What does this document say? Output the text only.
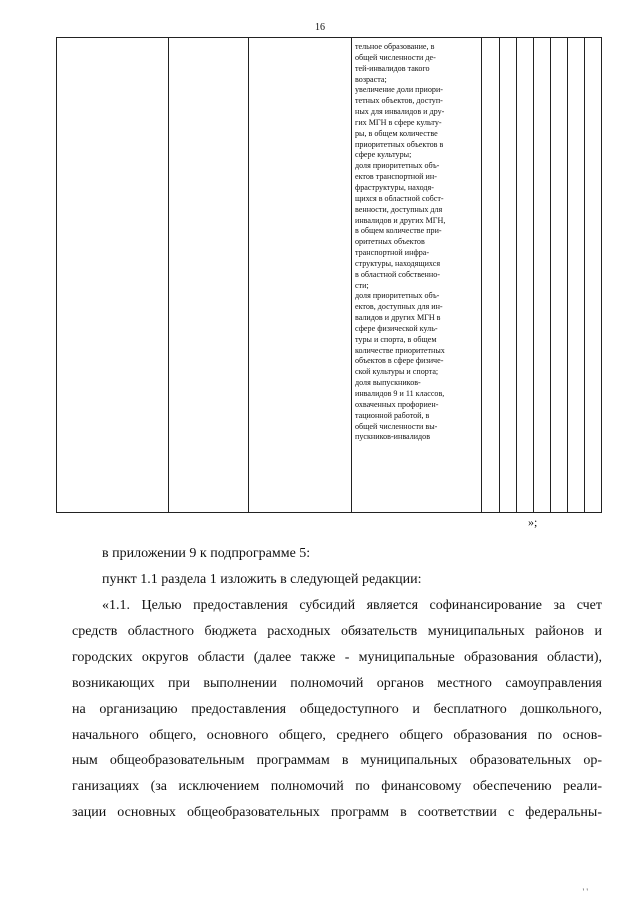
16
тельное образование, в
общей численности де-
тей-инвалидов такого
возраста;
увеличение доли приори-
тетных объектов, доступ-
ных для инвалидов и дру-
гих МГН в сфере культу-
ры, в общем количестве
приоритетных объектов в
сфере культуры;
доля приоритетных объ-
ектов транспортной ин-
фраструктуры, находя-
щихся в областной собст-
венности, доступных для
инвалидов и других МГН,
в общем количестве при-
оритетных объектов
транспортной инфра-
структуры, находящихся
в областной собственно-
сти;
доля приоритетных объ-
ектов, доступных для ин-
валидов и других МГН в
сфере физической куль-
туры и спорта, в общем
количестве приоритетных
объектов в сфере физиче-
ской культуры и спорта;
доля выпускников-
инвалидов 9 и 11 классов,
охваченных профориен-
тационной работой, в
общей численности вы-
пускников-инвалидов
»;
в приложении 9 к подпрограмме 5:
пункт 1.1 раздела 1 изложить в следующей редакции:
«1.1. Целью предоставления субсидий является софинансирование за счет
средств областного бюджета расходных обязательств муниципальных районов и
городских округов области (далее также - муниципальные образования области),
возникающих при выполнении полномочий органов местного самоуправления
на организацию предоставления общедоступного и бесплатного дошкольного,
начального общего, основного общего, среднего общего образования по основ-
ным общеобразовательным программам в муниципальных образовательных ор-
ганизациях (за исключением полномочий по финансовому обеспечению реали-
зации основных общеобразовательных программ в соответствии с федеральны-
' '
